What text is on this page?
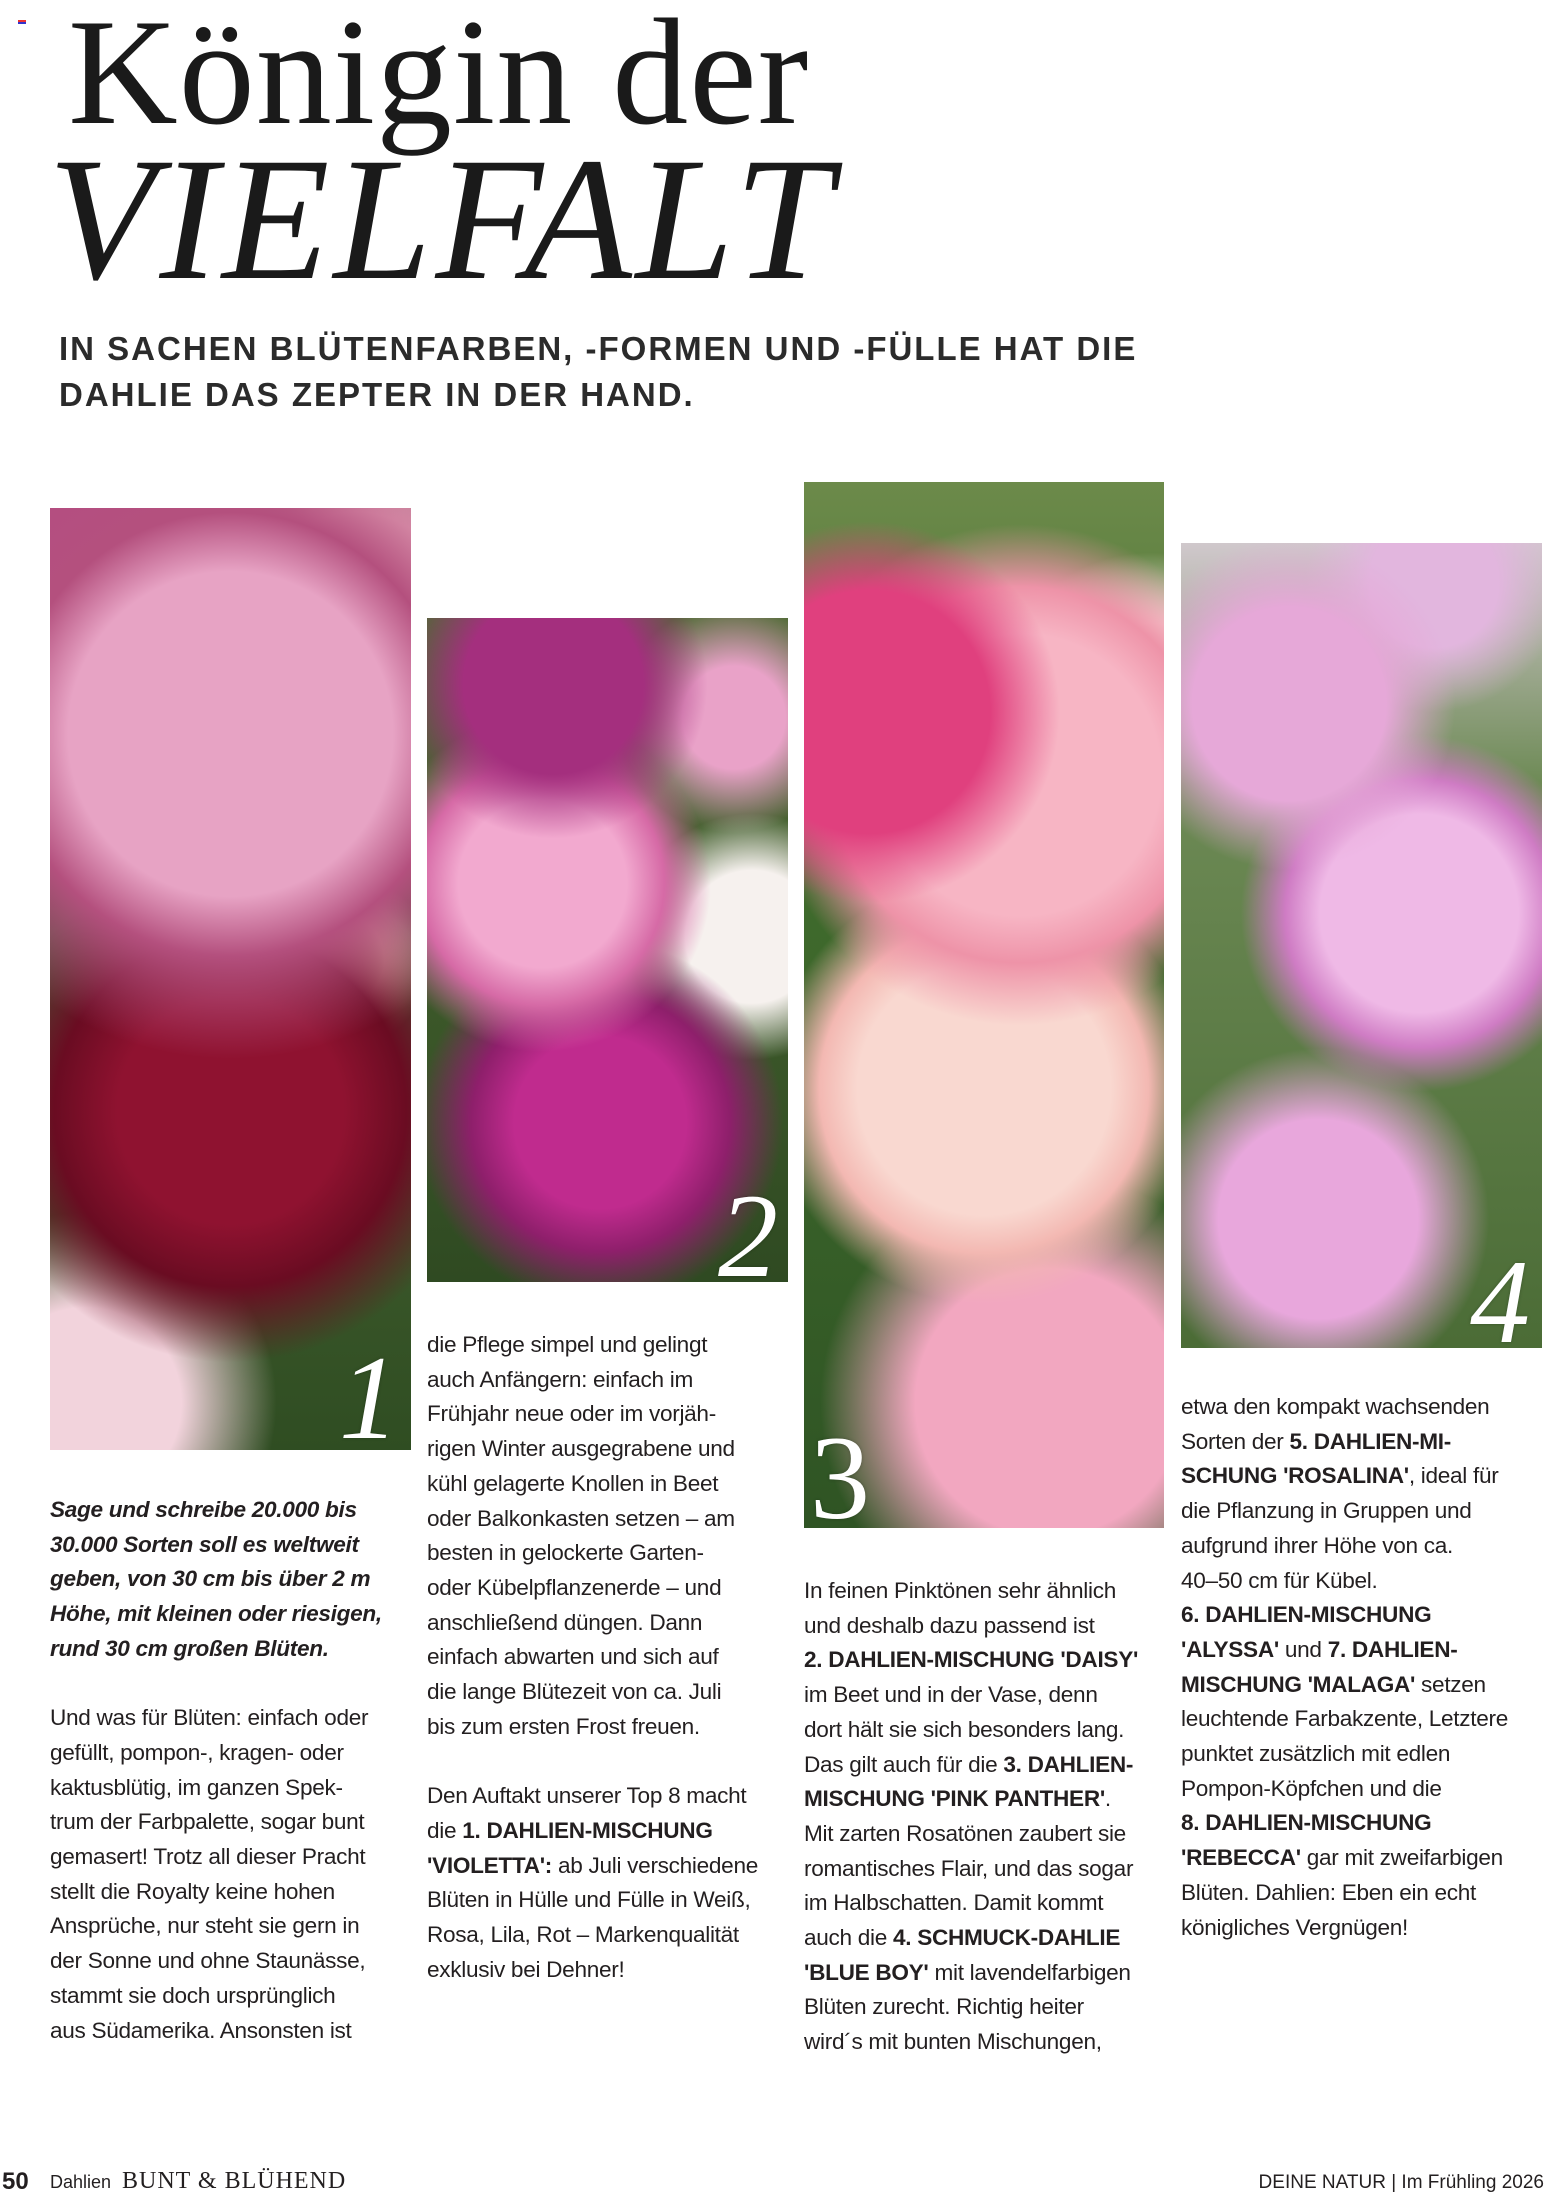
Königin der
VIELFALT
IN SACHEN BLÜTENFARBEN, -FORMEN UND -FÜLLE HAT DIE
DAHLIE DAS ZEPTER IN DER HAND.
1
2
3
4
Sage und schreibe 20.000 bis
30.000 Sorten soll es weltweit
geben, von 30 cm bis über 2 m
Höhe, mit kleinen oder riesigen,
rund 30 cm großen Blüten.
Und was für Blüten: einfach oder
gefüllt, pompon-, kragen- oder
kaktusblütig, im ganzen Spek-
trum der Farbpalette, sogar bunt
gemasert! Trotz all dieser Pracht
stellt die Royalty keine hohen
Ansprüche, nur steht sie gern in
der Sonne und ohne Staunässe,
stammt sie doch ursprünglich
aus Südamerika. Ansonsten ist
die Pflege simpel und gelingt
auch Anfängern: einfach im
Frühjahr neue oder im vorjäh-
rigen Winter ausgegrabene und
kühl gelagerte Knollen in Beet
oder Balkonkasten setzen – am
besten in gelockerte Garten-
oder Kübelpflanzenerde – und
anschließend düngen. Dann
einfach abwarten und sich auf
die lange Blütezeit von ca. Juli
bis zum ersten Frost freuen.
Den Auftakt unserer Top 8 macht
die 1. DAHLIEN-MISCHUNG
'VIOLETTA': ab Juli verschiedene
Blüten in Hülle und Fülle in Weiß,
Rosa, Lila, Rot – Markenqualität
exklusiv bei Dehner!
In feinen Pinktönen sehr ähnlich
und deshalb dazu passend ist
2. DAHLIEN-MISCHUNG 'DAISY'
im Beet und in der Vase, denn
dort hält sie sich besonders lang.
Das gilt auch für die 3. DAHLIEN-
MISCHUNG 'PINK PANTHER'.
Mit zarten Rosatönen zaubert sie
romantisches Flair, und das sogar
im Halbschatten. Damit kommt
auch die 4. SCHMUCK-DAHLIE
'BLUE BOY' mit lavendelfarbigen
Blüten zurecht. Richtig heiter
wird´s mit bunten Mischungen,
etwa den kompakt wachsenden
Sorten der 5. DAHLIEN-MI-
SCHUNG 'ROSALINA', ideal für
die Pflanzung in Gruppen und
aufgrund ihrer Höhe von ca.
40–50 cm für Kübel.
6. DAHLIEN-MISCHUNG
'ALYSSA' und 7. DAHLIEN-
MISCHUNG 'MALAGA' setzen
leuchtende Farbakzente, Letztere
punktet zusätzlich mit edlen
Pompon-Köpfchen und die
8. DAHLIEN-MISCHUNG
'REBECCA' gar mit zweifarbigen
Blüten. Dahlien: Eben ein echt
königliches Vergnügen!
50 Dahlien BUNT & BLÜHEND	DEINE NATUR | Im Frühling 2026
